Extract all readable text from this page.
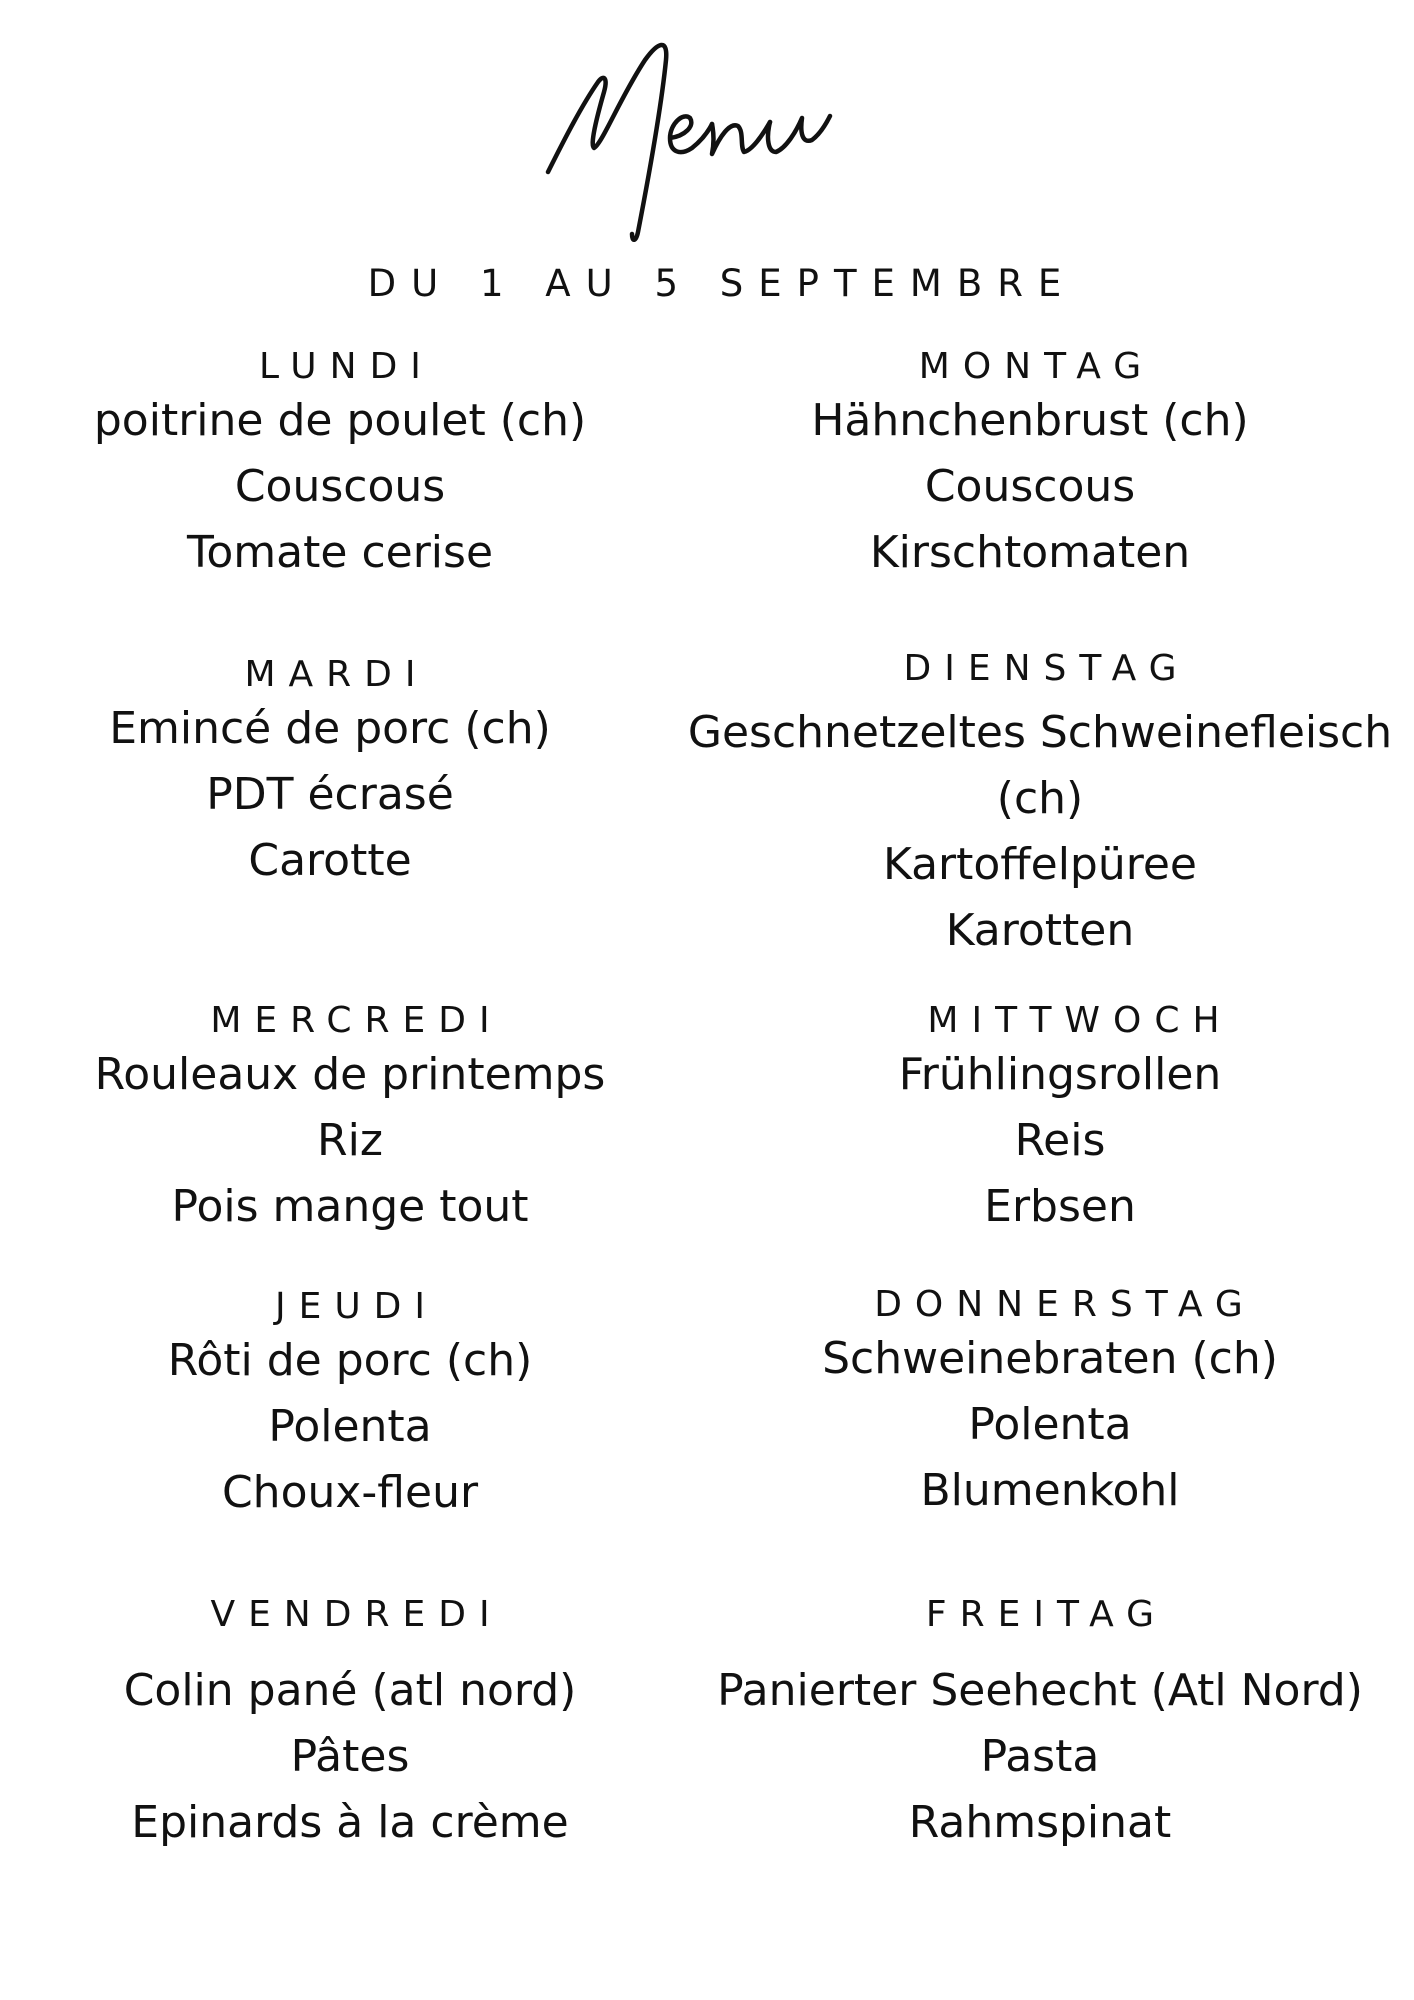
DU 1 AU 5 SEPTEMBRE
LUNDI
poitrine de poulet (ch)
Couscous
Tomate cerise
MARDI
Emincé de porc (ch)
PDT écrasé
Carotte
MERCREDI
Rouleaux de printemps
Riz
Pois mange tout
JEUDI
Rôti de porc (ch)
Polenta
Choux-fleur
VENDREDI
Colin pané (atl nord)
Pâtes
Epinards à la crème
MONTAG
Hähnchenbrust (ch)
Couscous
Kirschtomaten
DIENSTAG
Geschnetzeltes Schweinefleisch
(ch)
Kartoffelpüree
Karotten
MITTWOCH
Frühlingsrollen
Reis
Erbsen
DONNERSTAG
Schweinebraten (ch)
Polenta
Blumenkohl
FREITAG
Panierter Seehecht (Atl Nord)
Pasta
Rahmspinat
